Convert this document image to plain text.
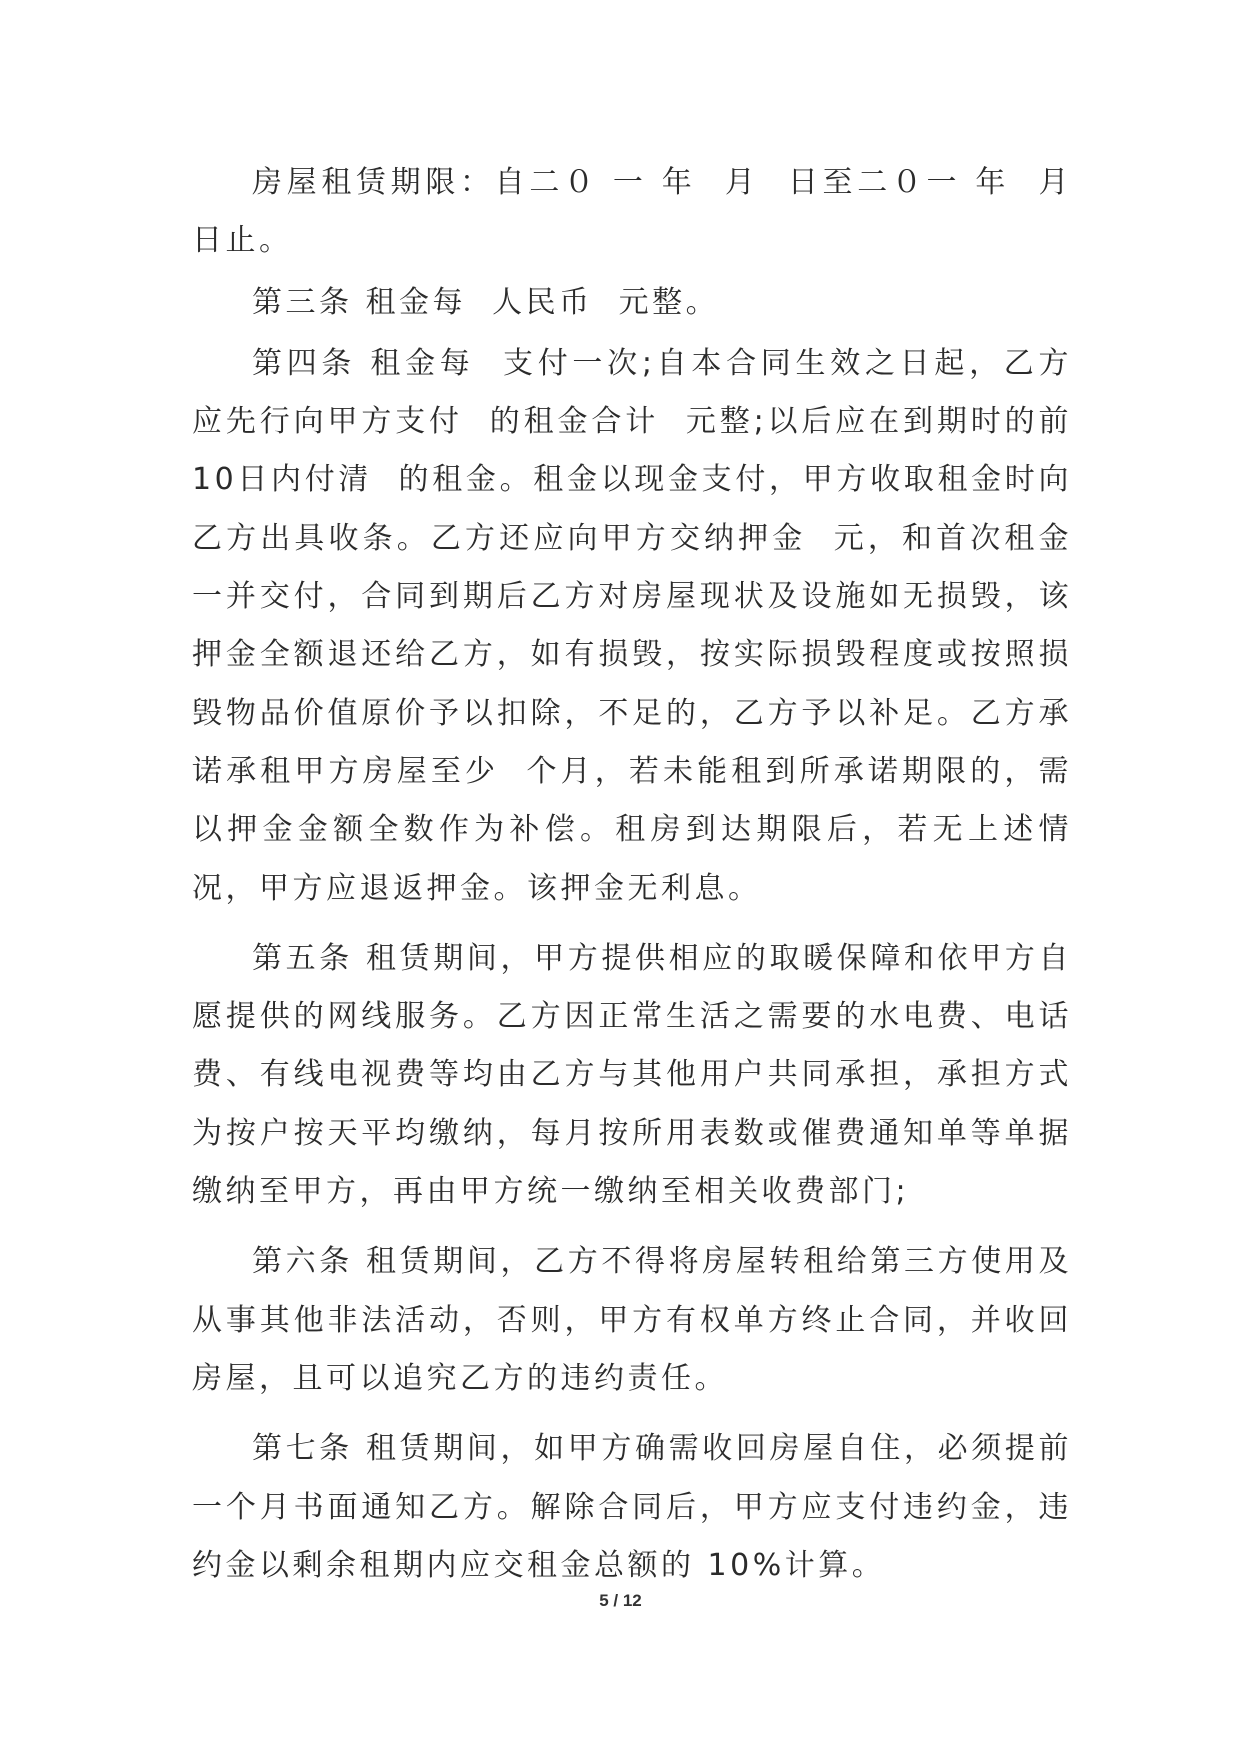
房屋租赁期限：自二０ 一 年  月  日至二０一 年  月  日止。

第三条 租金每  人民币  元整。

第四条 租金每  支付一次;自本合同生效之日起，乙方应先行向甲方支付  的租金合计  元整;以后应在到期时的前10日内付清  的租金。租金以现金支付，甲方收取租金时向乙方出具收条。乙方还应向甲方交纳押金  元，和首次租金一并交付，合同到期后乙方对房屋现状及设施如无损毁，该押金全额退还给乙方，如有损毁，按实际损毁程度或按照损毁物品价值原价予以扣除，不足的，乙方予以补足。乙方承诺承租甲方房屋至少  个月，若未能租到所承诺期限的，需以押金金额全数作为补偿。租房到达期限后，若无上述情况，甲方应退返押金。该押金无利息。

第五条 租赁期间，甲方提供相应的取暖保障和依甲方自愿提供的网线服务。乙方因正常生活之需要的水电费、电话费、有线电视费等均由乙方与其他用户共同承担，承担方式为按户按天平均缴纳，每月按所用表数或催费通知单等单据缴纳至甲方，再由甲方统一缴纳至相关收费部门;

第六条 租赁期间，乙方不得将房屋转租给第三方使用及从事其他非法活动，否则，甲方有权单方终止合同，并收回房屋，且可以追究乙方的违约责任。

第七条 租赁期间，如甲方确需收回房屋自住，必须提前一个月书面通知乙方。解除合同后，甲方应支付违约金，违约金以剩余租期内应交租金总额的 10%计算。

5 / 12
